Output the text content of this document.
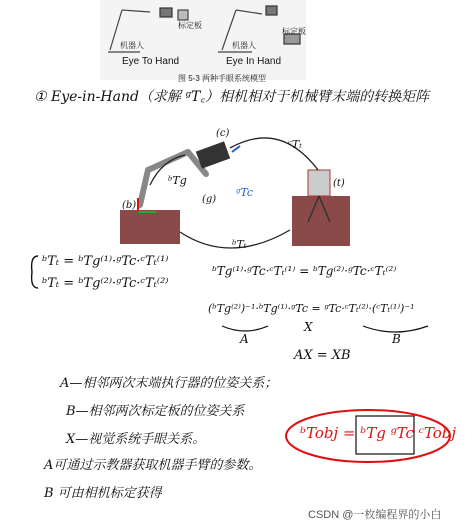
机器人
标定板
机器人
标定板
Eye To Hand	Eye In Hand
图 5-3 两种手眼系统模型
① Eye-in-Hand（求解 ᵍT꜀）相机相对于机械臂末端的转换矩阵
(c)
(t)
(b)
(g)
ᶜTₜ
ᵇTg
ᵍTc
ᵇTₜ
ᵇTₜ = ᵇTg⁽¹⁾·ᵍTc·ᶜTₜ⁽¹⁾
ᵇTₜ = ᵇTg⁽²⁾·ᵍTc·ᶜTₜ⁽²⁾
ᵇTg⁽¹⁾·ᵍTc·ᶜTₜ⁽¹⁾ = ᵇTg⁽²⁾·ᵍTc·ᶜTₜ⁽²⁾
(ᵇTg⁽²⁾)⁻¹·ᵇTg⁽¹⁾·ᵍTc = ᵍTc·ᶜTₜ⁽²⁾·(ᶜTₜ⁽¹⁾)⁻¹
A
X
B
AX = XB
A—相邻两次末端执行器的位姿关系；
B—相邻两次标定板的位姿关系
X—视觉系统手眼关系。
A可通过示教器获取机器手臂的参数。
B 可由相机标定获得
ᵇTobj = ᵇTg ᵍTc ᶜTobj
CSDN @一枚编程界的小白
